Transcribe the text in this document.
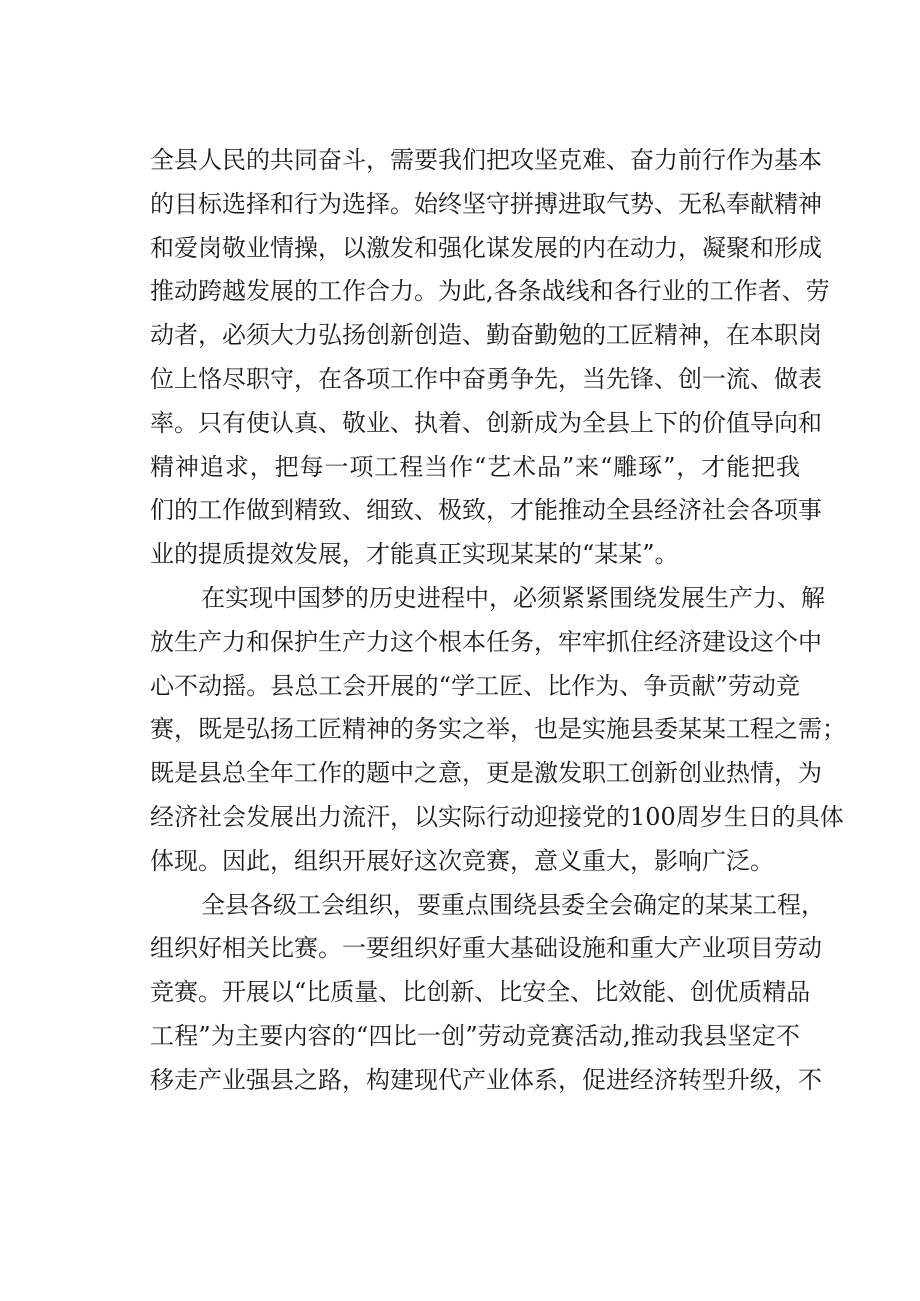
全县人民的共同奋斗，需要我们把攻坚克难、奋力前行作为基本
的目标选择和行为选择。始终坚守拼搏进取气势、无私奉献精神
和爱岗敬业情操，以激发和强化谋发展的内在动力，凝聚和形成
推动跨越发展的工作合力。为此,各条战线和各行业的工作者、劳
动者，必须大力弘扬创新创造、勤奋勤勉的工匠精神，在本职岗
位上恪尽职守，在各项工作中奋勇争先，当先锋、创一流、做表
率。只有使认真、敬业、执着、创新成为全县上下的价值导向和
精神追求，把每一项工程当作“艺术品”来“雕琢”，才能把我
们的工作做到精致、细致、极致，才能推动全县经济社会各项事
业的提质提效发展，才能真正实现某某的“某某”。
在实现中国梦的历史进程中，必须紧紧围绕发展生产力、解
放生产力和保护生产力这个根本任务，牢牢抓住经济建设这个中
心不动摇。县总工会开展的“学工匠、比作为、争贡献”劳动竞
赛，既是弘扬工匠精神的务实之举，也是实施县委某某工程之需；
既是县总全年工作的题中之意，更是激发职工创新创业热情，为
经济社会发展出力流汗，以实际行动迎接党的100周岁生日的具体
体现。因此，组织开展好这次竞赛，意义重大，影响广泛。
全县各级工会组织，要重点围绕县委全会确定的某某工程，
组织好相关比赛。一要组织好重大基础设施和重大产业项目劳动
竞赛。开展以“比质量、比创新、比安全、比效能、创优质精品
工程”为主要内容的“四比一创”劳动竞赛活动,推动我县坚定不
移走产业强县之路，构建现代产业体系，促进经济转型升级，不
